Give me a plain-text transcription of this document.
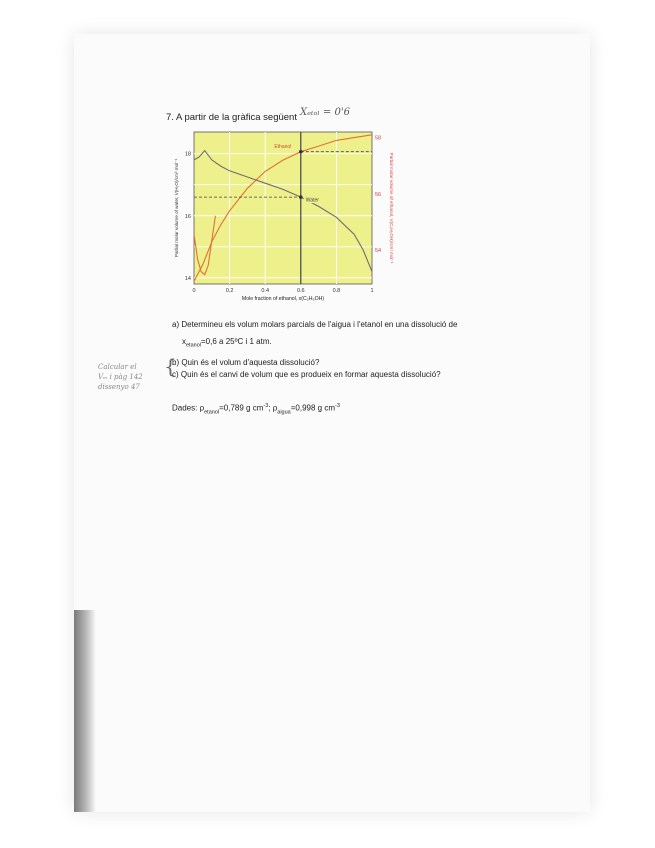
7. A partir de la gràfica següent Xₑₜₒₗ = 0'6
0	0.2	0.4	0.6	0.8	1
14
16
18
54
56
58
Ethanol
Water
Mole fraction of ethanol, x(C₂H₅OH)
Partial molar volume of water, V(H₂O)/cm³ mol⁻¹	Partial molar volume of ethanol, V(C₂H₅OH)/cm³ mol⁻¹
a) Determineu els volum molars parcials de l'aigua i l'etanol en una dissolució de
$x_{etanol}=0,6$ a 25ºC i 1 atm.
{
b) Quin és el volum d'aquesta dissolució?
c) Quin és el canvi de volum que es produeix en formar aquesta dissolució?
Calcular el
Vₘ i pàg 142
dissenyo 47
Dades: $\rho_{etanol}=0,789$ g $cm^{-3}$; $\rho_{aigua}=0,998$ g $cm^{-3}$
